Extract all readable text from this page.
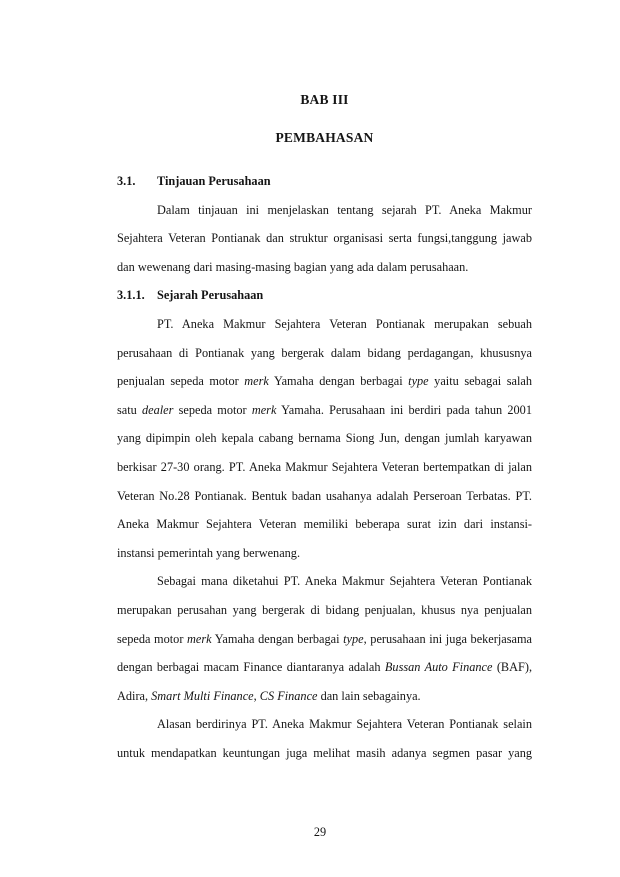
BAB III
PEMBAHASAN
3.1. Tinjauan Perusahaan
Dalam tinjauan ini menjelaskan tentang sejarah PT. Aneka Makmur
Sejahtera Veteran Pontianak dan struktur organisasi serta fungsi,tanggung jawab
dan wewenang dari masing-masing bagian yang ada dalam perusahaan.
3.1.1. Sejarah Perusahaan
PT. Aneka Makmur Sejahtera Veteran Pontianak merupakan sebuah
perusahaan di Pontianak yang bergerak dalam bidang perdagangan, khususnya
penjualan sepeda motor merk Yamaha dengan berbagai type yaitu sebagai salah
satu dealer sepeda motor merk Yamaha. Perusahaan ini berdiri pada tahun 2001
yang dipimpin oleh kepala cabang bernama Siong Jun, dengan jumlah karyawan
berkisar 27-30 orang. PT. Aneka Makmur Sejahtera Veteran bertempatkan di jalan
Veteran No.28 Pontianak. Bentuk badan usahanya adalah Perseroan Terbatas. PT.
Aneka Makmur Sejahtera Veteran memiliki beberapa surat izin dari instansi-
instansi pemerintah yang berwenang.
Sebagai mana diketahui PT. Aneka Makmur Sejahtera Veteran Pontianak
merupakan perusahan yang bergerak di bidang penjualan, khusus nya penjualan
sepeda motor merk Yamaha dengan berbagai type, perusahaan ini juga bekerjasama
dengan berbagai macam Finance diantaranya adalah Bussan Auto Finance (BAF),
Adira, Smart Multi Finance, CS Finance dan lain sebagainya.
Alasan berdirinya PT. Aneka Makmur Sejahtera Veteran Pontianak selain
untuk mendapatkan keuntungan juga melihat masih adanya segmen pasar yang
29
